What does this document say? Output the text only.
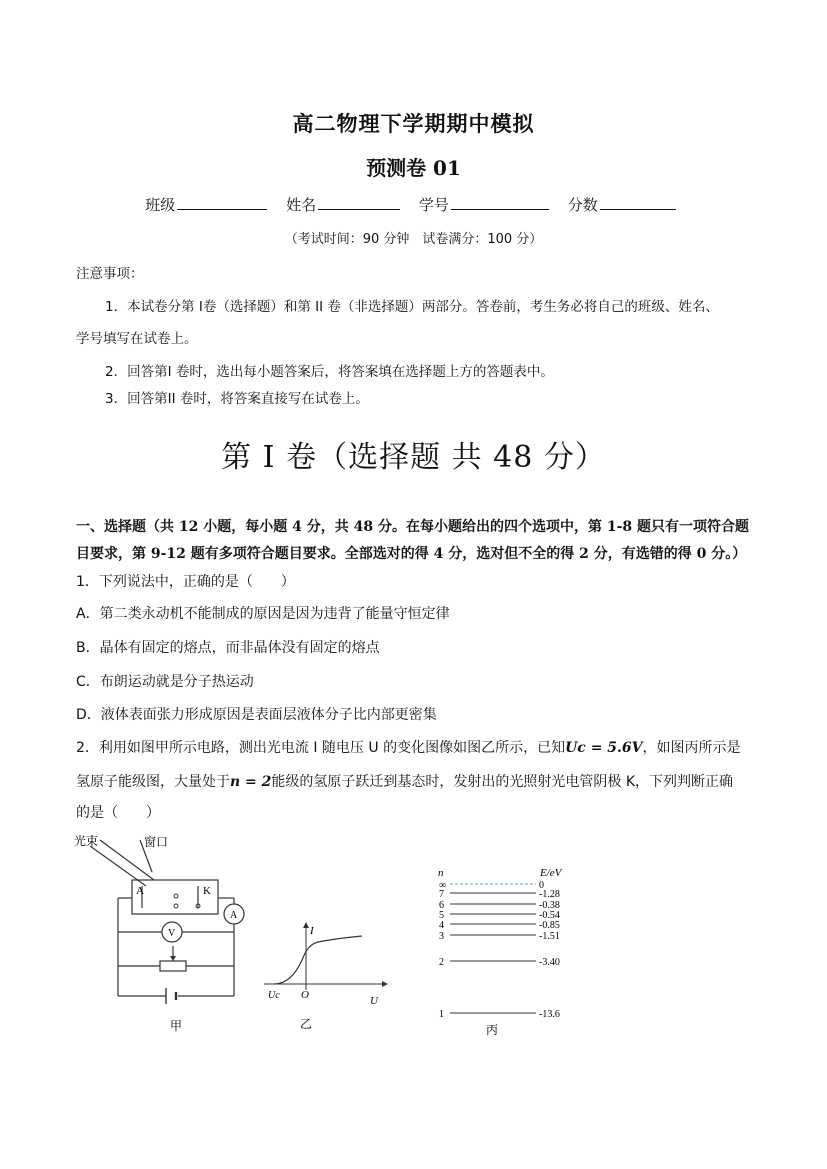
高二物理下学期期中模拟
预测卷 01
班级	姓名	学号	分数
（考试时间：90 分钟　试卷满分：100 分）
注意事项：
1．本试卷分第 I卷（选择题）和第 II 卷（非选择题）两部分。答卷前，考生务必将自己的班级、姓名、
学号填写在试卷上。
2．回答第I 卷时，选出每小题答案后，将答案填在选择题上方的答题表中。
3．回答第II 卷时，将答案直接写在试卷上。
第 I 卷（选择题 共 48 分）
一、选择题（共 12 小题，每小题 4 分，共 48 分。在每小题给出的四个选项中，第 1-8 题只有一项符合题目要求，第 9-12 题有多项符合题目要求。全部选对的得 4 分，选对但不全的得 2 分，有选错的得 0 分。）
1．下列说法中，正确的是（　　）
A．第二类永动机不能制成的原因是因为违背了能量守恒定律
B．晶体有固定的熔点，而非晶体没有固定的熔点
C．布朗运动就是分子热运动
D．液体表面张力形成原因是表面层液体分子比内部更密集
2．利用如图甲所示电路，测出光电流 I 随电压 U 的变化图像如图乙所示，已知Uc = 5.6V，如图丙所示是
氢原子能级图，大量处于n = 2能级的氢原子跃迁到基态时，发射出的光照射光电管阴极 K，下列判断正确
的是（　　）
光束	窗口
A	K
A
V
甲
I
U
O
Uc
乙
n	E/eV
∞	0
7	-1.28
6	-0.38
5	-0.54
4	-0.85
3	-1.51
2	-3.40
1	-13.6
丙
